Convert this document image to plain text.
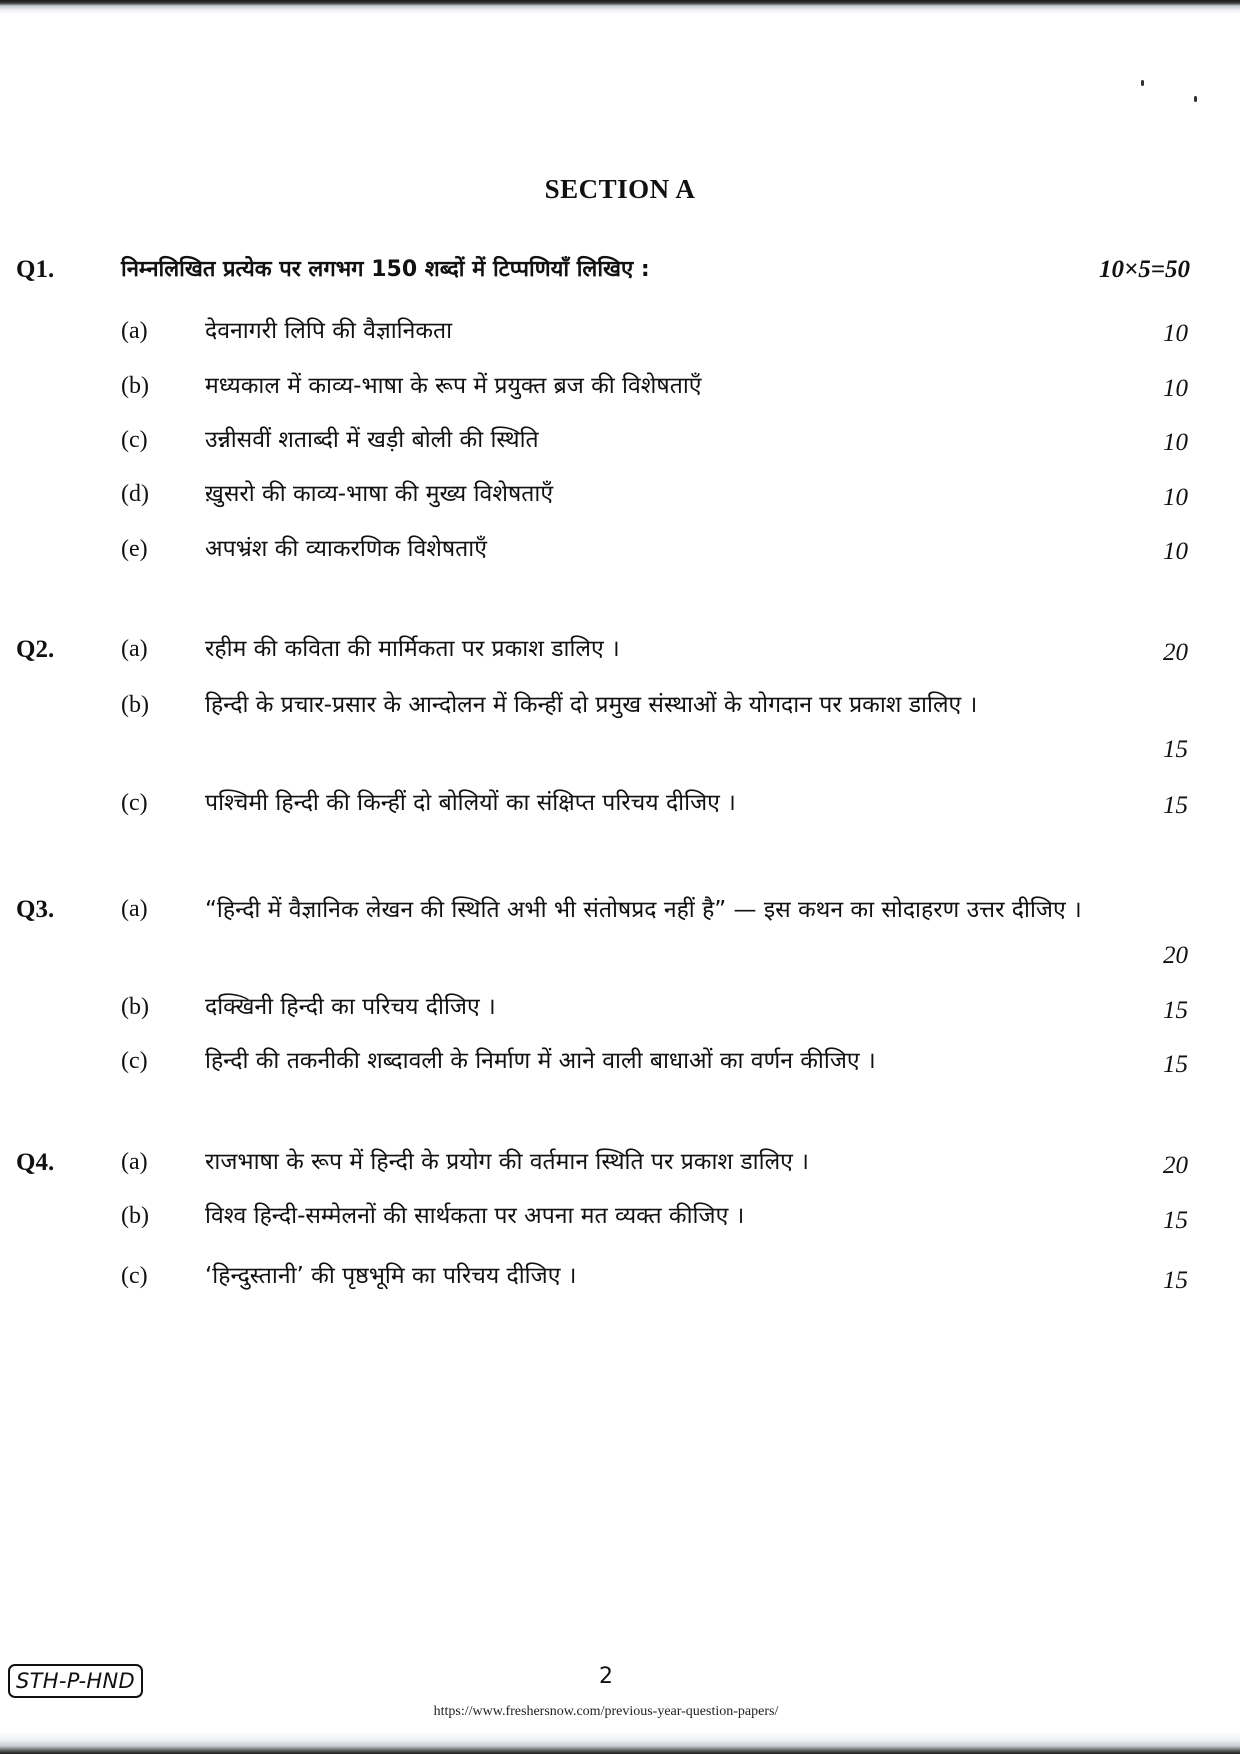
SECTION A
Q1.	निम्नलिखित प्रत्येक पर लगभग 150 शब्दों में टिप्पणियाँ लिखिए :	10×5=50
(a) देवनागरी लिपि की वैज्ञानिकता	10
(b) मध्यकाल में काव्य-भाषा के रूप में प्रयुक्त ब्रज की विशेषताएँ	10
(c) उन्नीसवीं शताब्दी में खड़ी बोली की स्थिति	10
(d) ख़ुसरो की काव्य-भाषा की मुख्य विशेषताएँ	10
(e) अपभ्रंश की व्याकरणिक विशेषताएँ	10
Q2.	(a) रहीम की कविता की मार्मिकता पर प्रकाश डालिए ।	20
(b) हिन्दी के प्रचार-प्रसार के आन्दोलन में किन्हीं दो प्रमुख संस्थाओं के योगदान पर प्रकाश डालिए ।
15
(c) पश्चिमी हिन्दी की किन्हीं दो बोलियों का संक्षिप्त परिचय दीजिए ।	15
Q3.	(a) “हिन्दी में वैज्ञानिक लेखन की स्थिति अभी भी संतोषप्रद नहीं है” — इस कथन का सोदाहरण उत्तर दीजिए ।
20
(b) दक्खिनी हिन्दी का परिचय दीजिए ।	15
(c) हिन्दी की तकनीकी शब्दावली के निर्माण में आने वाली बाधाओं का वर्णन कीजिए ।	15
Q4.	(a) राजभाषा के रूप में हिन्दी के प्रयोग की वर्तमान स्थिति पर प्रकाश डालिए ।	20
(b) विश्व हिन्दी-सम्मेलनों की सार्थकता पर अपना मत व्यक्त कीजिए ।	15
(c) ‘हिन्दुस्तानी’ की पृष्ठभूमि का परिचय दीजिए ।	15
STH-P-HND	2
https://www.freshersnow.com/previous-year-question-papers/
